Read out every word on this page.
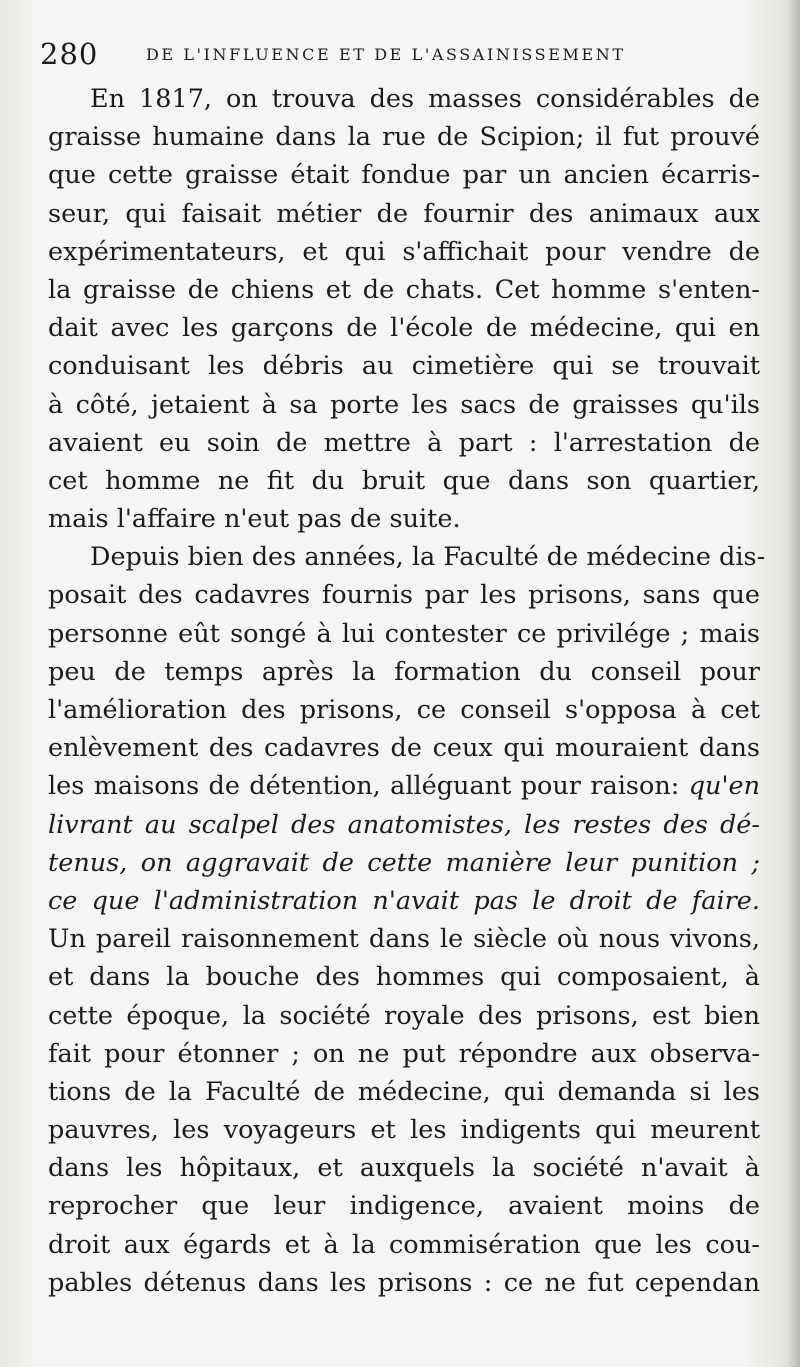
280	DE L'INFLUENCE ET DE L'ASSAINISSEMENT
En 1817, on trouva des masses considérables de
graisse humaine dans la rue de Scipion; il fut prouvé
que cette graisse était fondue par un ancien écarris-
seur, qui faisait métier de fournir des animaux aux
expérimentateurs, et qui s'affichait pour vendre de
la graisse de chiens et de chats. Cet homme s'enten-
dait avec les garçons de l'école de médecine, qui en
conduisant les débris au cimetière qui se trouvait
à côté, jetaient à sa porte les sacs de graisses qu'ils
avaient eu soin de mettre à part : l'arrestation de
cet homme ne fit du bruit que dans son quartier,
mais l'affaire n'eut pas de suite.
Depuis bien des années, la Faculté de médecine dis-
posait des cadavres fournis par les prisons, sans que
personne eût songé à lui contester ce privilége ; mais
peu de temps après la formation du conseil pour
l'amélioration des prisons, ce conseil s'opposa à cet
enlèvement des cadavres de ceux qui mouraient dans
les maisons de détention, alléguant pour raison: qu'en
livrant au scalpel des anatomistes, les restes des dé-
tenus, on aggravait de cette manière leur punition ;
ce que l'administration n'avait pas le droit de faire.
Un pareil raisonnement dans le siècle où nous vivons,
et dans la bouche des hommes qui composaient, à
cette époque, la société royale des prisons, est bien
fait pour étonner ; on ne put répondre aux observa-
tions de la Faculté de médecine, qui demanda si les
pauvres, les voyageurs et les indigents qui meurent
dans les hôpitaux, et auxquels la société n'avait à
reprocher que leur indigence, avaient moins de
droit aux égards et à la commisération que les cou-
pables détenus dans les prisons : ce ne fut cependan
